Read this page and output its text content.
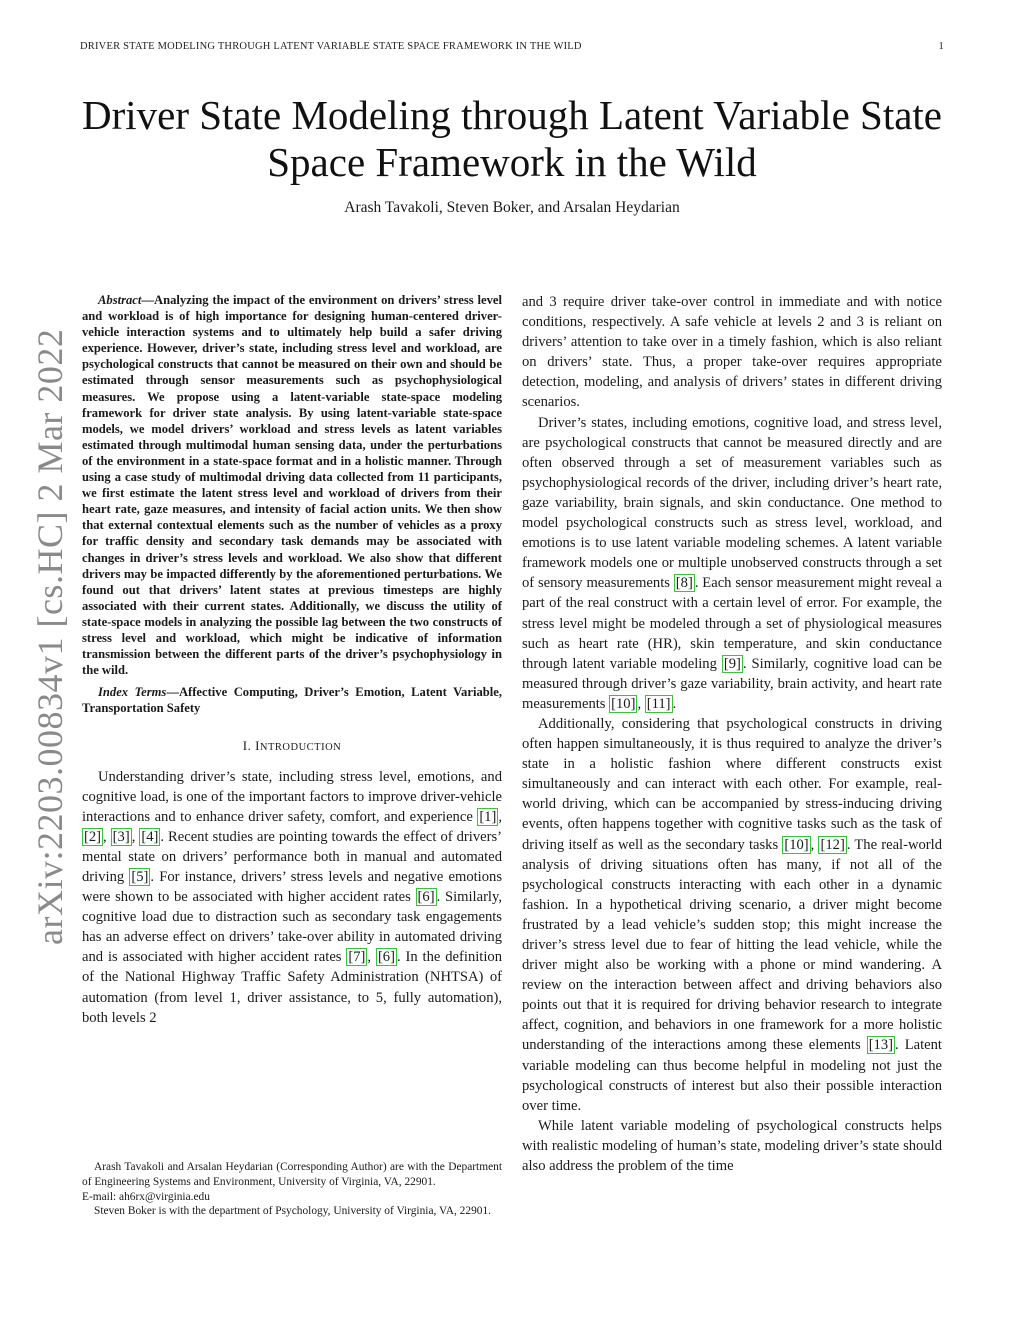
DRIVER STATE MODELING THROUGH LATENT VARIABLE STATE SPACE FRAMEWORK IN THE WILD	1
arXiv:2203.00834v1 [cs.HC] 2 Mar 2022
Driver State Modeling through Latent Variable State
Space Framework in the Wild
Arash Tavakoli, Steven Boker, and Arsalan Heydarian

Abstract—Analyzing the impact of the environment on drivers’ stress level and workload is of high importance for designing human-centered driver-vehicle interaction systems and to ultimately help build a safer driving experience. However, driver’s state, including stress level and workload, are psychological constructs that cannot be measured on their own and should be estimated through sensor measurements such as psychophysiological measures. We propose using a latent-variable state-space modeling framework for driver state analysis. By using latent-variable state-space models, we model drivers’ workload and stress levels as latent variables estimated through multimodal human sensing data, under the perturbations of the environment in a state-space format and in a holistic manner. Through using a case study of multimodal driving data collected from 11 participants, we first estimate the latent stress level and workload of drivers from their heart rate, gaze measures, and intensity of facial action units. We then show that external contextual elements such as the number of vehicles as a proxy for traffic density and secondary task demands may be associated with changes in driver’s stress levels and workload. We also show that different drivers may be impacted differently by the aforementioned perturbations. We found out that drivers’ latent states at previous timesteps are highly associated with their current states. Additionally, we discuss the utility of state-space models in analyzing the possible lag between the two constructs of stress level and workload, which might be indicative of information transmission between the different parts of the driver’s psychophysiology in the wild.

Index Terms—Affective Computing, Driver’s Emotion, Latent Variable, Transportation Safety

I. INTRODUCTION

Understanding driver’s state, including stress level, emotions, and cognitive load, is one of the important factors to improve driver-vehicle interactions and to enhance driver safety, comfort, and experience [1] , [2] , [3] , [4] . Recent studies are pointing towards the effect of drivers’ mental state on drivers’ performance both in manual and automated driving [5] . For instance, drivers’ stress levels and negative emotions were shown to be associated with higher accident rates [6] . Similarly, cognitive load due to distraction such as secondary task engagements has an adverse effect on drivers’ take-over ability in automated driving and is associated with higher accident rates [7] , [6] . In the definition of the National Highway Traffic Safety Administration (NHTSA) of automation (from level 1, driver assistance, to 5, fully automation), both levels 2

Arash Tavakoli and Arsalan Heydarian (Corresponding Author) are with the Department of Engineering Systems and Environment, University of Virginia, VA, 22901.

E-mail: ah6rx@virginia.edu

Steven Boker is with the department of Psychology, University of Virginia, VA, 22901.

and 3 require driver take-over control in immediate and with notice conditions, respectively. A safe vehicle at levels 2 and 3 is reliant on drivers’ attention to take over in a timely fashion, which is also reliant on drivers’ state. Thus, a proper take-over requires appropriate detection, modeling, and analysis of drivers’ states in different driving scenarios.

Driver’s states, including emotions, cognitive load, and stress level, are psychological constructs that cannot be measured directly and are often observed through a set of measurement variables such as psychophysiological records of the driver, including driver’s heart rate, gaze variability, brain signals, and skin conductance. One method to model psychological constructs such as stress level, workload, and emotions is to use latent variable modeling schemes. A latent variable framework models one or multiple unobserved constructs through a set of sensory measurements [8] . Each sensor measurement might reveal a part of the real construct with a certain level of error. For example, the stress level might be modeled through a set of physiological measures such as heart rate (HR), skin temperature, and skin conductance through latent variable modeling [9] . Similarly, cognitive load can be measured through driver’s gaze variability, brain activity, and heart rate measurements [10] , [11] .

Additionally, considering that psychological constructs in driving often happen simultaneously, it is thus required to analyze the driver’s state in a holistic fashion where different constructs exist simultaneously and can interact with each other. For example, real-world driving, which can be accompanied by stress-inducing driving events, often happens together with cognitive tasks such as the task of driving itself as well as the secondary tasks [10] , [12] . The real-world analysis of driving situations often has many, if not all of the psychological constructs interacting with each other in a dynamic fashion. In a hypothetical driving scenario, a driver might become frustrated by a lead vehicle’s sudden stop; this might increase the driver’s stress level due to fear of hitting the lead vehicle, while the driver might also be working with a phone or mind wandering. A review on the interaction between affect and driving behaviors also points out that it is required for driving behavior research to integrate affect, cognition, and behaviors in one framework for a more holistic understanding of the interactions among these elements [13] . Latent variable modeling can thus become helpful in modeling not just the psychological constructs of interest but also their possible interaction over time.

While latent variable modeling of psychological constructs helps with realistic modeling of human’s state, modeling driver’s state should also address the problem of the time
